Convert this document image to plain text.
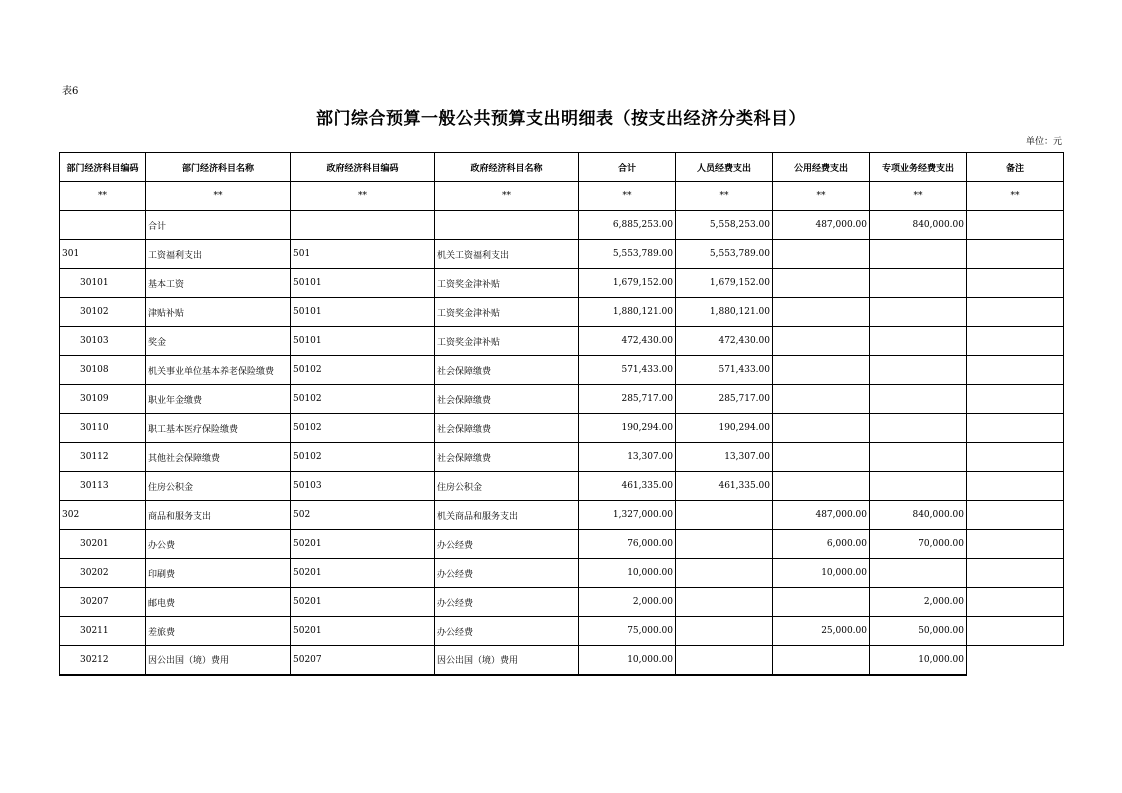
表6
部门综合预算一般公共预算支出明细表（按支出经济分类科目）
单位：元
部门经济科目编码	部门经济科目名称	政府经济科目编码	政府经济科目名称	合计	人员经费支出	公用经费支出	专项业务经费支出	备注
**	**	**	**	**	**	**	**	**
	合计			6,885,253.00	5,558,253.00	487,000.00	840,000.00	
301	工资福利支出	501	机关工资福利支出	5,553,789.00	5,553,789.00			
30101	基本工资	50101	工资奖金津补贴	1,679,152.00	1,679,152.00			
30102	津贴补贴	50101	工资奖金津补贴	1,880,121.00	1,880,121.00			
30103	奖金	50101	工资奖金津补贴	472,430.00	472,430.00			
30108	机关事业单位基本养老保险缴费	50102	社会保障缴费	571,433.00	571,433.00			
30109	职业年金缴费	50102	社会保障缴费	285,717.00	285,717.00			
30110	职工基本医疗保险缴费	50102	社会保障缴费	190,294.00	190,294.00			
30112	其他社会保障缴费	50102	社会保障缴费	13,307.00	13,307.00			
30113	住房公积金	50103	住房公积金	461,335.00	461,335.00			
302	商品和服务支出	502	机关商品和服务支出	1,327,000.00		487,000.00	840,000.00	
30201	办公费	50201	办公经费	76,000.00		6,000.00	70,000.00	
30202	印刷费	50201	办公经费	10,000.00		10,000.00		
30207	邮电费	50201	办公经费	2,000.00			2,000.00	
30211	差旅费	50201	办公经费	75,000.00		25,000.00	50,000.00	
30212	因公出国（境）费用	50207	因公出国（境）费用	10,000.00			10,000.00	
